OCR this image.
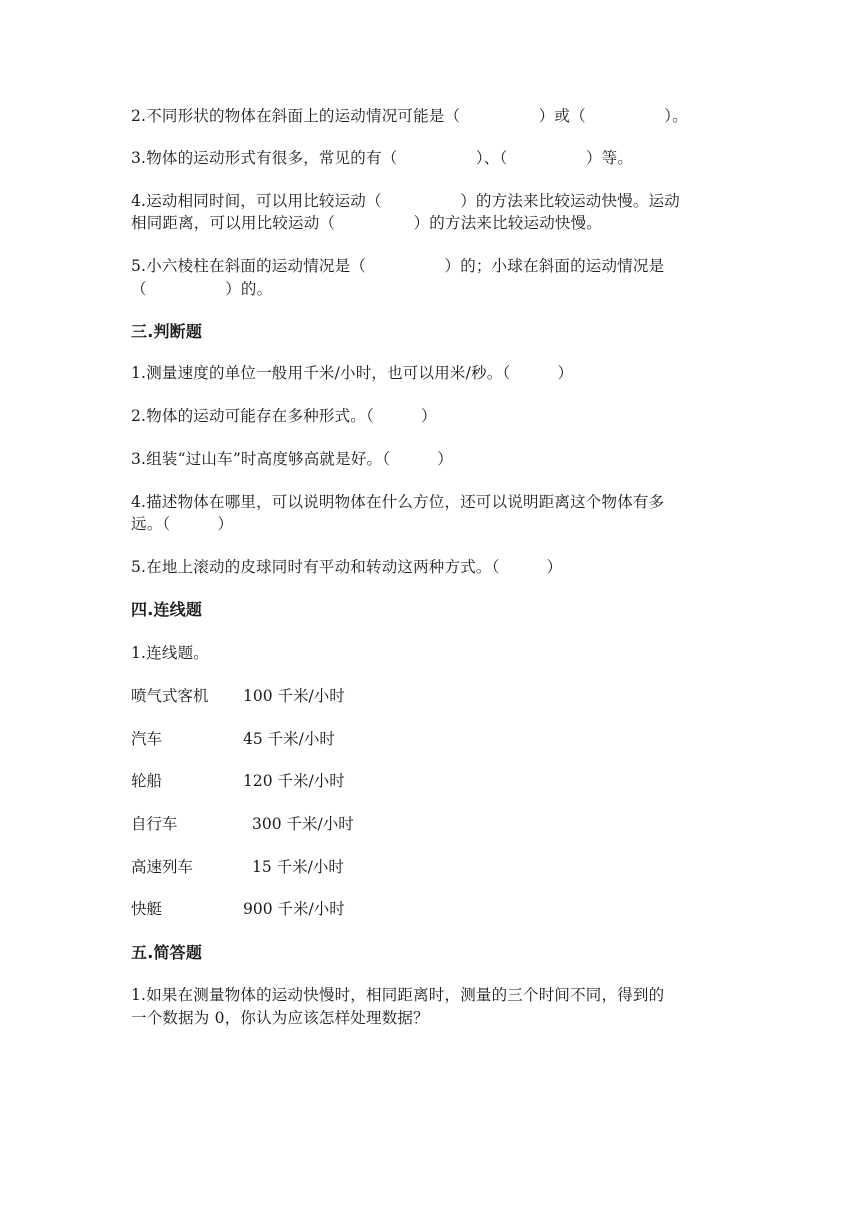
2.不同形状的物体在斜面上的运动情况可能是（　　　　　）或（　　　　　）。
3.物体的运动形式有很多，常见的有（　　　　　）、（　　　　　）等。
4.运动相同时间，可以用比较运动（　　　　　）的方法来比较运动快慢。运动
相同距离，可以用比较运动（　　　　　）的方法来比较运动快慢。
5.小六棱柱在斜面的运动情况是（　　　　　）的；小球在斜面的运动情况是
（　　　　　）的。
三.判断题
1.测量速度的单位一般用千米/小时，也可以用米/秒。（　　　）
2.物体的运动可能存在多种形式。（　　　）
3.组装“过山车”时高度够高就是好。（　　　）
4.描述物体在哪里，可以说明物体在什么方位，还可以说明距离这个物体有多
远。（　　　）
5.在地上滚动的皮球同时有平动和转动这两种方式。（　　　）
四.连线题
1.连线题。
喷气式客机 100 千米/小时
汽车	45 千米/小时
轮船	120 千米/小时
自行车	300 千米/小时
高速列车	15 千米/小时
快艇	900 千米/小时
五.简答题
1.如果在测量物体的运动快慢时，相同距离时，测量的三个时间不同，得到的
一个数据为 0，你认为应该怎样处理数据？
